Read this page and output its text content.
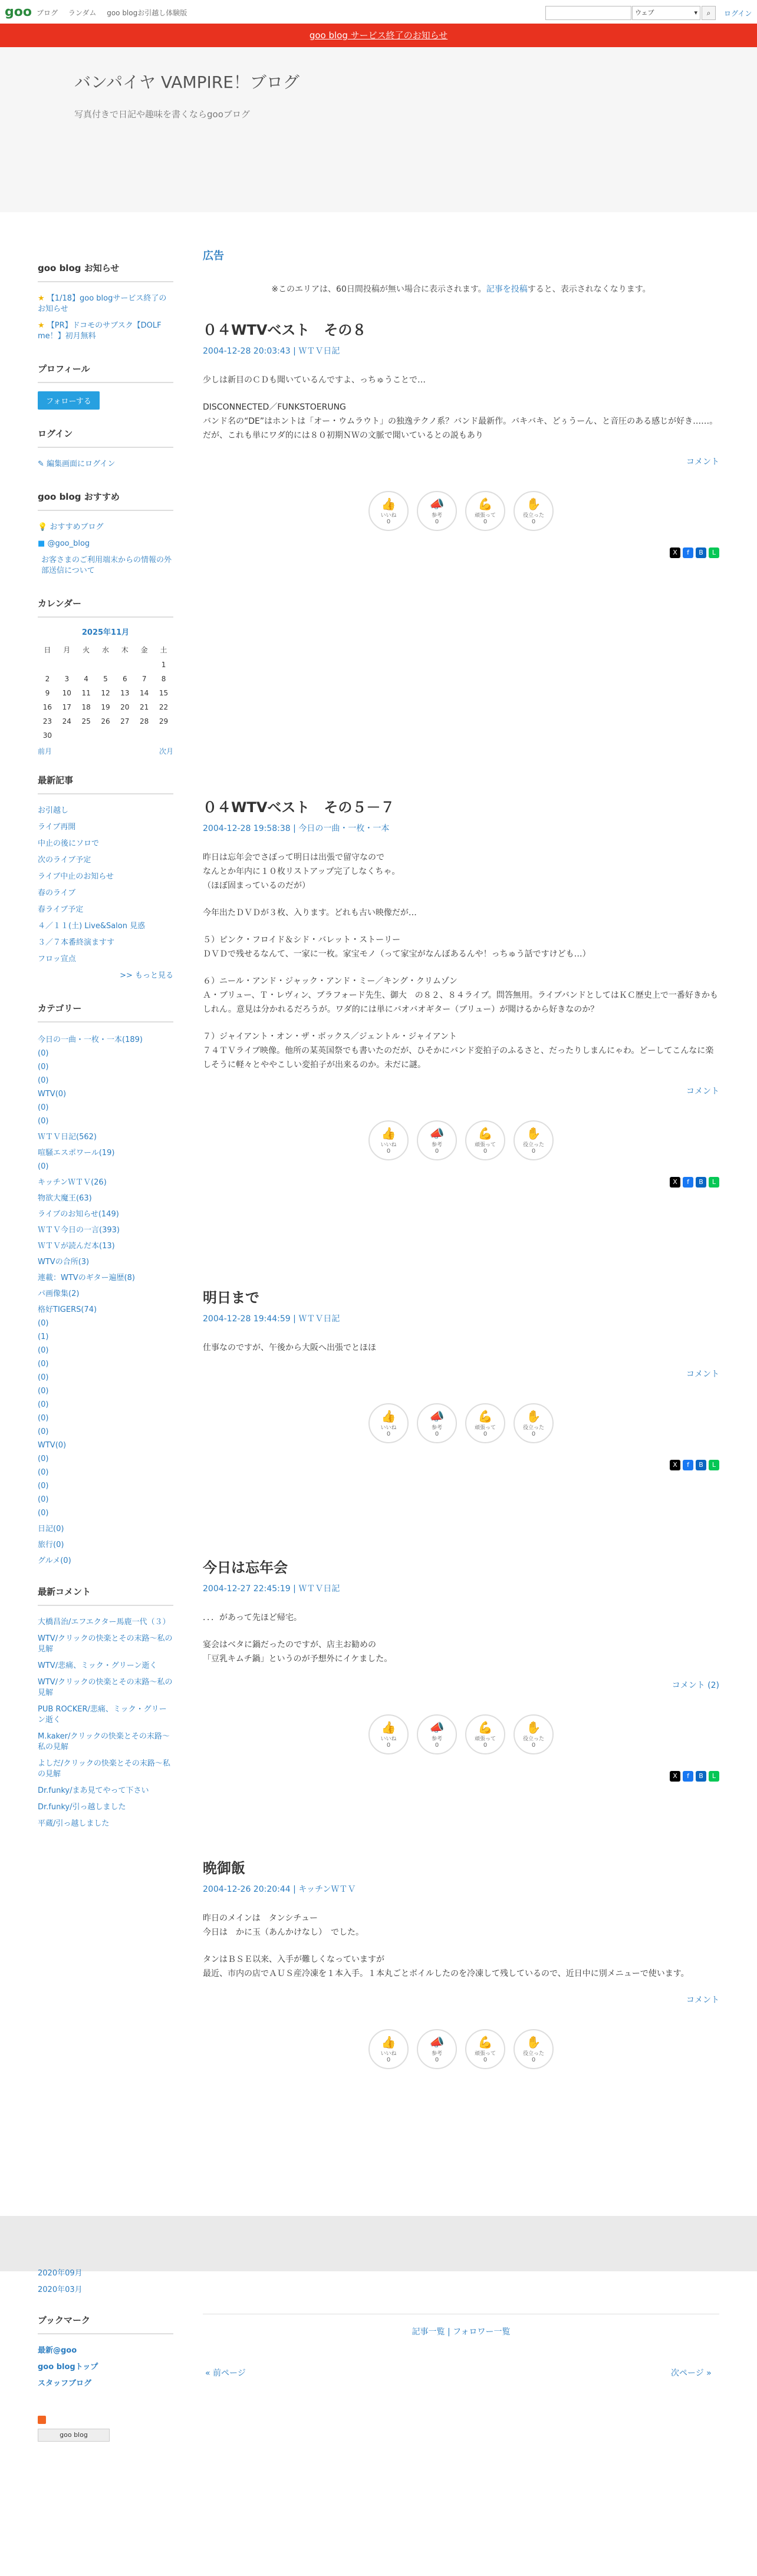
goo ブログ ランダム goo blogお引越し体験版	ウェブ	▾	⌕	ログイン
goo blog サービス終了のお知らせ
バンパイヤ VAMPIRE！ブログ
写真付きで日記や趣味を書くならgooブログ
goo blog お知らせ
★ 【1/18】goo blogサービス終了のお知らせ
★ 【PR】ドコモのサブスク【DOLF me！】初月無料
プロフィール
フォローする
ログイン
✎ 編集画面にログイン
goo blog おすすめ
💡 おすすめブログ
■ @goo_blog
お客さまのご利用端末からの情報の外部送信について
カレンダー
2025年11月
日	月	火	水	木	金	土
						1
2	3	4	5	6	7	8
9	10	11	12	13	14	15
16	17	18	19	20	21	22
23	24	25	26	27	28	29
30						
前月	次月
最新記事
お引越し
ライブ再開
中止の後にソロで
次のライブ予定
ライブ中止のお知らせ
春のライブ
春ライブ予定
４／１１(土) Live&Salon 見惑
３／７本番終演ますす
フロッ宣点
>> もっと見る
カテゴリー
今日の一曲・一枚・一本(189)
(0)
(0)
(0)
WTV(0)
(0)
(0)
ＷＴＶ日記(562)
喧騒エスポワール(19)
(0)
キッチンＷＴＶ(26)
物欲大魔王(63)
ライブのお知らせ(149)
ＷＴＶ今日の一言(393)
ＷＴＶが読んだ本(13)
WTVの合所(3)
連載：WTVのギター遍歴(8)
パ画像集(2)
格好TIGERS(74)
(0)
(1)
(0)
(0)
(0)
(0)
(0)
(0)
(0)
WTV(0)
(0)
(0)
(0)
(0)
(0)
日記(0)
旅行(0)
グルメ(0)
最新コメント
大橋昌治/エフエクター馬鹿一代（３）
WTV/クリックの快楽とその末路～私の見解
WTV/悲痛、ミック・グリーン逝く
WTV/クリックの快楽とその末路～私の見解
PUB ROCKER/悲痛、ミック・グリーン逝く
M.kaker/クリックの快楽とその末路～私の見解
よしだ/クリックの快楽とその末路～私の見解
Dr.funky/まあ見てやって下さい
Dr.funky/引っ越しました
平蔵/引っ越しました
広告
※このエリアは、60日間投稿が無い場合に表示されます。記事を投稿すると、表示されなくなります。
０４WTVベスト　その８
2004-12-28 20:03:43 | ＷＴＶ日記

少しは新目のＣＤも聞いているんですよ、っちゅうことで…

DISCONNECTED／FUNKSTOERUNG
バンド名の“DE”はホントは「オー・ウムラウト」の独逸テクノ系？バンド最新作。バキバキ、どぅうーん、と音圧のある感じが好き……。だが、これも単にワダ的には８０初期ＮＷの文脈で聞いているとの説もあり

コメント
👍
いいね
0
📣
参考
0
💪
頑張って
0
✋
役立った
0
X	f	B	L
０４WTVベスト　その５－７
2004-12-28 19:58:38 | 今日の一曲・一枚・一本

昨日は忘年会でさぼって明日は出張で留守なので
なんとか年内に１０枚リストアップ完了しなくちゃ。
（ほぼ固まっているのだが）

今年出たＤＶＤが３枚、入ります。どれも古い映像だが…

５）ピンク・フロイド＆シド・バレット・ストーリー
ＤＶＤで残せるなんて、一家に一枚。家宝モノ（って家宝がなんぼあるんや！っちゅう話ですけども…）

６）ニール・アンド・ジャック・アンド・ミー／キング・クリムゾン
Ａ・ブリュー、Ｔ・レヴィン、ブラフォード先生、御大　の８２、８４ライブ。問答無用。ライブバンドとしてはＫＣ歴史上で一番好きかもしれん。意見は分かれるだろうが。ワダ的には単にバオバオギター（ブリュー）が聞けるから好きなのか？

７）ジャイアント・オン・ザ・ボックス／ジェントル・ジャイアント
７４ＴＶライブ映像。他所の某英国祭でも書いたのだが、ひそかにバンド変拍子のふるさと、だったりしまんにゃわ。どーしてこんなに楽しそうに軽々とややこしい変拍子が出来るのか。未だに謎。

コメント
👍
いいね
0
📣
参考
0
💪
頑張って
0
✋
役立った
0
X	f	B	L
明日まで
2004-12-28 19:44:59 | ＷＴＶ日記

仕事なのですが、午後から大阪へ出張でとほほ

コメント
👍
いいね
0
📣
参考
0
💪
頑張って
0
✋
役立った
0
X	f	B	L
今日は忘年会
2004-12-27 22:45:19 | ＷＴＶ日記

．．．があって先ほど帰宅。

宴会はベタに鍋だったのですが、店主お勧めの
「豆乳キムチ鍋」というのが予想外にイケました。

コメント (2)
👍
いいね
0
📣
参考
0
💪
頑張って
0
✋
役立った
0
X	f	B	L
晩御飯
2004-12-26 20:20:44 | キッチンＷＴＶ

昨日のメインは　タンシチュー
今日は　かに玉（あんかけなし）　でした。

タンはＢＳＥ以来、入手が難しくなっていますが
最近、市内の店でＡＵＳ産冷凍を１本入手。１本丸ごとボイルしたのを冷凍して残しているので、近日中に別メニューで使います。

コメント
👍
いいね
0
📣
参考
0
💪
頑張って
0
✋
役立った
0
2020年09月
2020年03月
ブックマーク
最新@goo
goo blogトップ
スタッフブログ
goo blog
記事一覧 | フォロワー一覧
« 前ページ	次ページ »
